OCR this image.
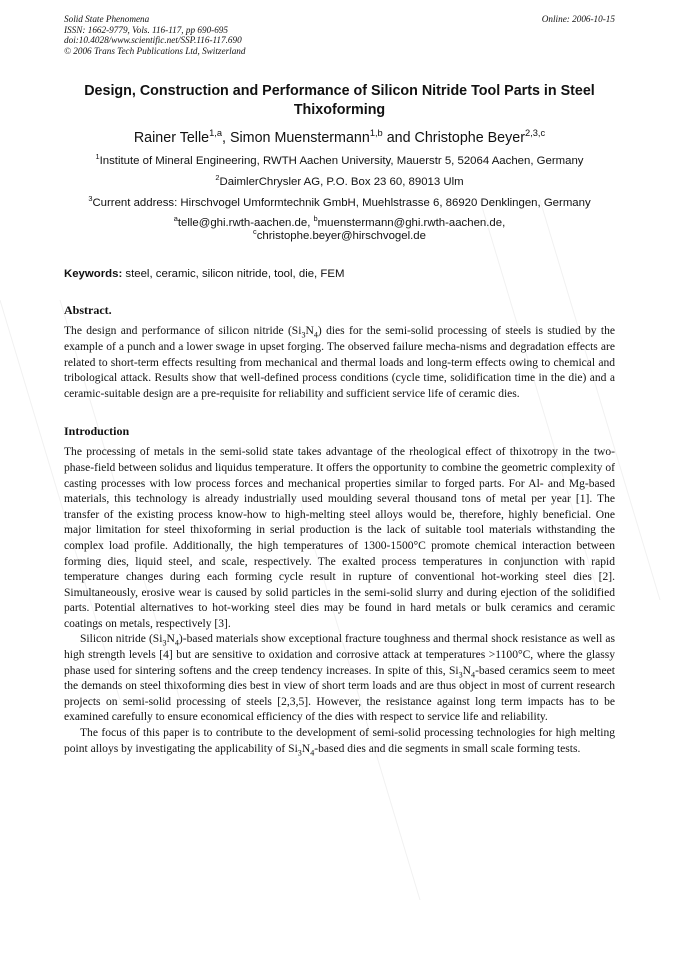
Solid State Phenomena
ISSN: 1662-9779, Vols. 116-117, pp 690-695
doi:10.4028/www.scientific.net/SSP.116-117.690
© 2006 Trans Tech Publications Ltd, Switzerland
Online: 2006-10-15
Design, Construction and Performance of Silicon Nitride Tool Parts in Steel Thixoforming
Rainer Telle$^{1,a}$, Simon Muenstermann$^{1,b}$ and Christophe Beyer$^{2,3,c}$
$^1$Institute of Mineral Engineering, RWTH Aachen University, Mauerstr 5, 52064 Aachen, Germany
$^2$DaimlerChrysler AG, P.O. Box 23 60, 89013 Ulm
$^3$Current address: Hirschvogel Umformtechnik GmbH, Muehlstrasse 6, 86920 Denklingen, Germany
$^a$telle@ghi.rwth-aachen.de, $^b$muenstermann@ghi.rwth-aachen.de,
$^c$christophe.beyer@hirschvogel.de
Keywords: steel, ceramic, silicon nitride, tool, die, FEM
Abstract.

The design and performance of silicon nitride $(Si_3N_4)$ dies for the semi-solid processing of steels is studied by the example of a punch and a lower swage in upset forging. The observed failure mecha-nisms and degradation effects are related to short-term effects resulting from mechanical and thermal loads and long-term effects owing to chemical and tribological attack. Results show that well-defined process conditions (cycle time, solidification time in the die) and a ceramic-suitable design are a pre-requisite for reliability and sufficient service life of ceramic dies.

Introduction

The processing of metals in the semi-solid state takes advantage of the rheological effect of thixotropy in the two-phase-field between solidus and liquidus temperature. It offers the opportunity to combine the geometric complexity of casting processes with low process forces and mechanical properties similar to forged parts. For Al- and Mg-based materials, this technology is already industrially used moulding several thousand tons of metal per year [1]. The transfer of the existing process know-how to high-melting steel alloys would be, therefore, highly beneficial. One major limitation for steel thixoforming in serial production is the lack of suitable tool materials withstanding the complex load profile. Additionally, the high temperatures of 1300-1500°C promote chemical interaction between forming dies, liquid steel, and scale, respectively. The exalted process temperatures in conjunction with rapid temperature changes during each forming cycle result in rupture of conventional hot-working steel dies [2]. Simultaneously, erosive wear is caused by solid particles in the semi-solid slurry and during ejection of the solidified parts. Potential alternatives to hot-working steel dies may be found in hard metals or bulk ceramics and ceramic coatings on metals, respectively [3].

Silicon nitride $(Si_3N_4)$-based materials show exceptional fracture toughness and thermal shock resistance as well as high strength levels [4] but are sensitive to oxidation and corrosive attack at temperatures >1100°C, where the glassy phase used for sintering softens and the creep tendency increases. In spite of this, $Si_3N_4$-based ceramics seem to meet the demands on steel thixoforming dies best in view of short term loads and are thus object in most of current research projects on semi-solid processing of steels [2,3,5]. However, the resistance against long term impacts has to be examined carefully to ensure economical efficiency of the dies with respect to service life and reliability.

The focus of this paper is to contribute to the development of semi-solid processing technologies for high melting point alloys by investigating the applicability of $Si_3N_4$-based dies and die segments in small scale forming tests.
